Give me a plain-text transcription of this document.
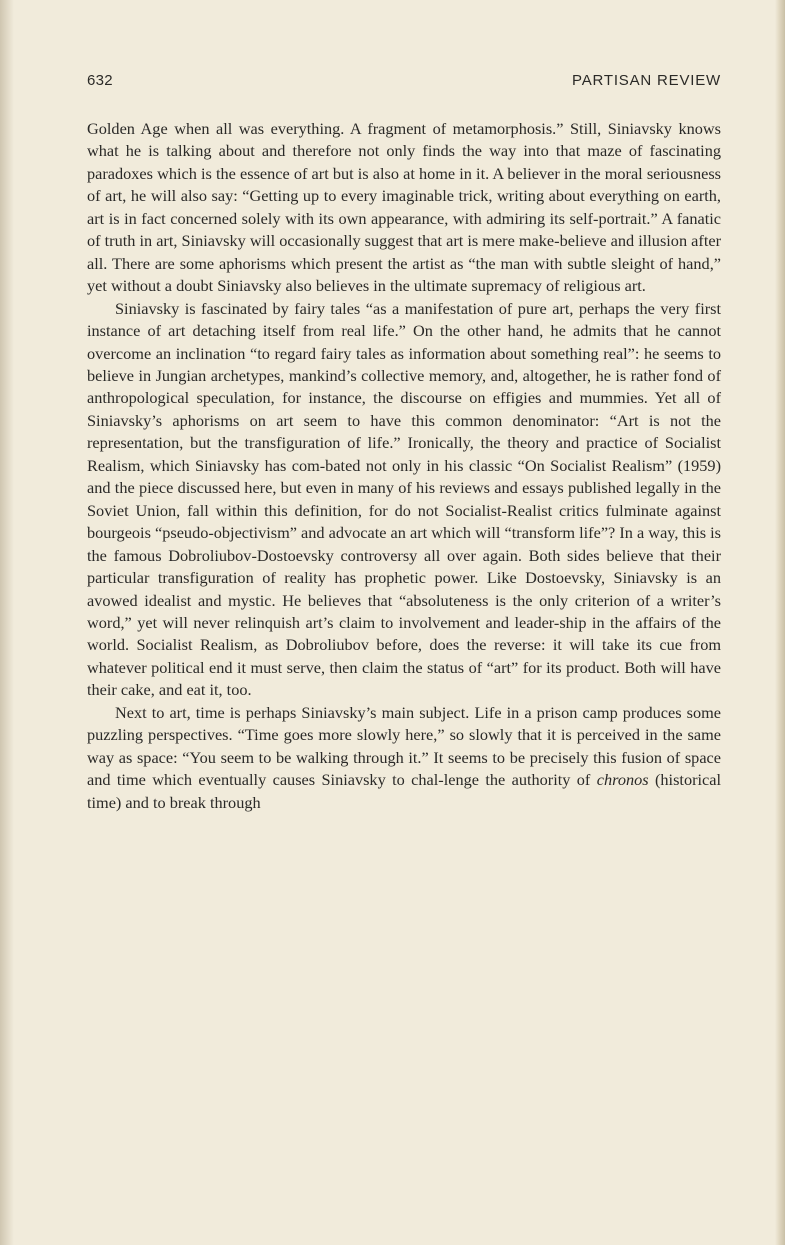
632	PARTISAN REVIEW

Golden Age when all was everything. A fragment of metamorphosis.” Still, Siniavsky knows what he is talking about and therefore not only finds the way into that maze of fascinating paradoxes which is the essence of art but is also at home in it. A believer in the moral seriousness of art, he will also say: “Getting up to every imaginable trick, writing about everything on earth, art is in fact concerned solely with its own appearance, with admiring its self-portrait.” A fanatic of truth in art, Siniavsky will occasionally suggest that art is mere make-believe and illusion after all. There are some aphorisms which present the artist as “the man with subtle sleight of hand,” yet without a doubt Siniavsky also believes in the ultimate supremacy of religious art.

Siniavsky is fascinated by fairy tales “as a manifestation of pure art, perhaps the very first instance of art detaching itself from real life.” On the other hand, he admits that he cannot overcome an inclination “to regard fairy tales as information about something real”: he seems to believe in Jungian archetypes, mankind’s collective memory, and, altogether, he is rather fond of anthropological speculation, for instance, the discourse on effigies and mummies. Yet all of Siniavsky’s aphorisms on art seem to have this common denominator: “Art is not the representation, but the transfiguration of life.” Ironically, the theory and practice of Socialist Realism, which Siniavsky has com-bated not only in his classic “On Socialist Realism” (1959) and the piece discussed here, but even in many of his reviews and essays published legally in the Soviet Union, fall within this definition, for do not Socialist-Realist critics fulminate against bourgeois “pseudo-objectivism” and advocate an art which will “transform life”? In a way, this is the famous Dobroliubov-Dostoevsky controversy all over again. Both sides believe that their particular transfiguration of reality has prophetic power. Like Dostoevsky, Siniavsky is an avowed idealist and mystic. He believes that “absoluteness is the only criterion of a writer’s word,” yet will never relinquish art’s claim to involvement and leader-ship in the affairs of the world. Socialist Realism, as Dobroliubov before, does the reverse: it will take its cue from whatever political end it must serve, then claim the status of “art” for its product. Both will have their cake, and eat it, too.

Next to art, time is perhaps Siniavsky’s main subject. Life in a prison camp produces some puzzling perspectives. “Time goes more slowly here,” so slowly that it is perceived in the same way as space: “You seem to be walking through it.” It seems to be precisely this fusion of space and time which eventually causes Siniavsky to chal-lenge the authority of chronos (historical time) and to break through
